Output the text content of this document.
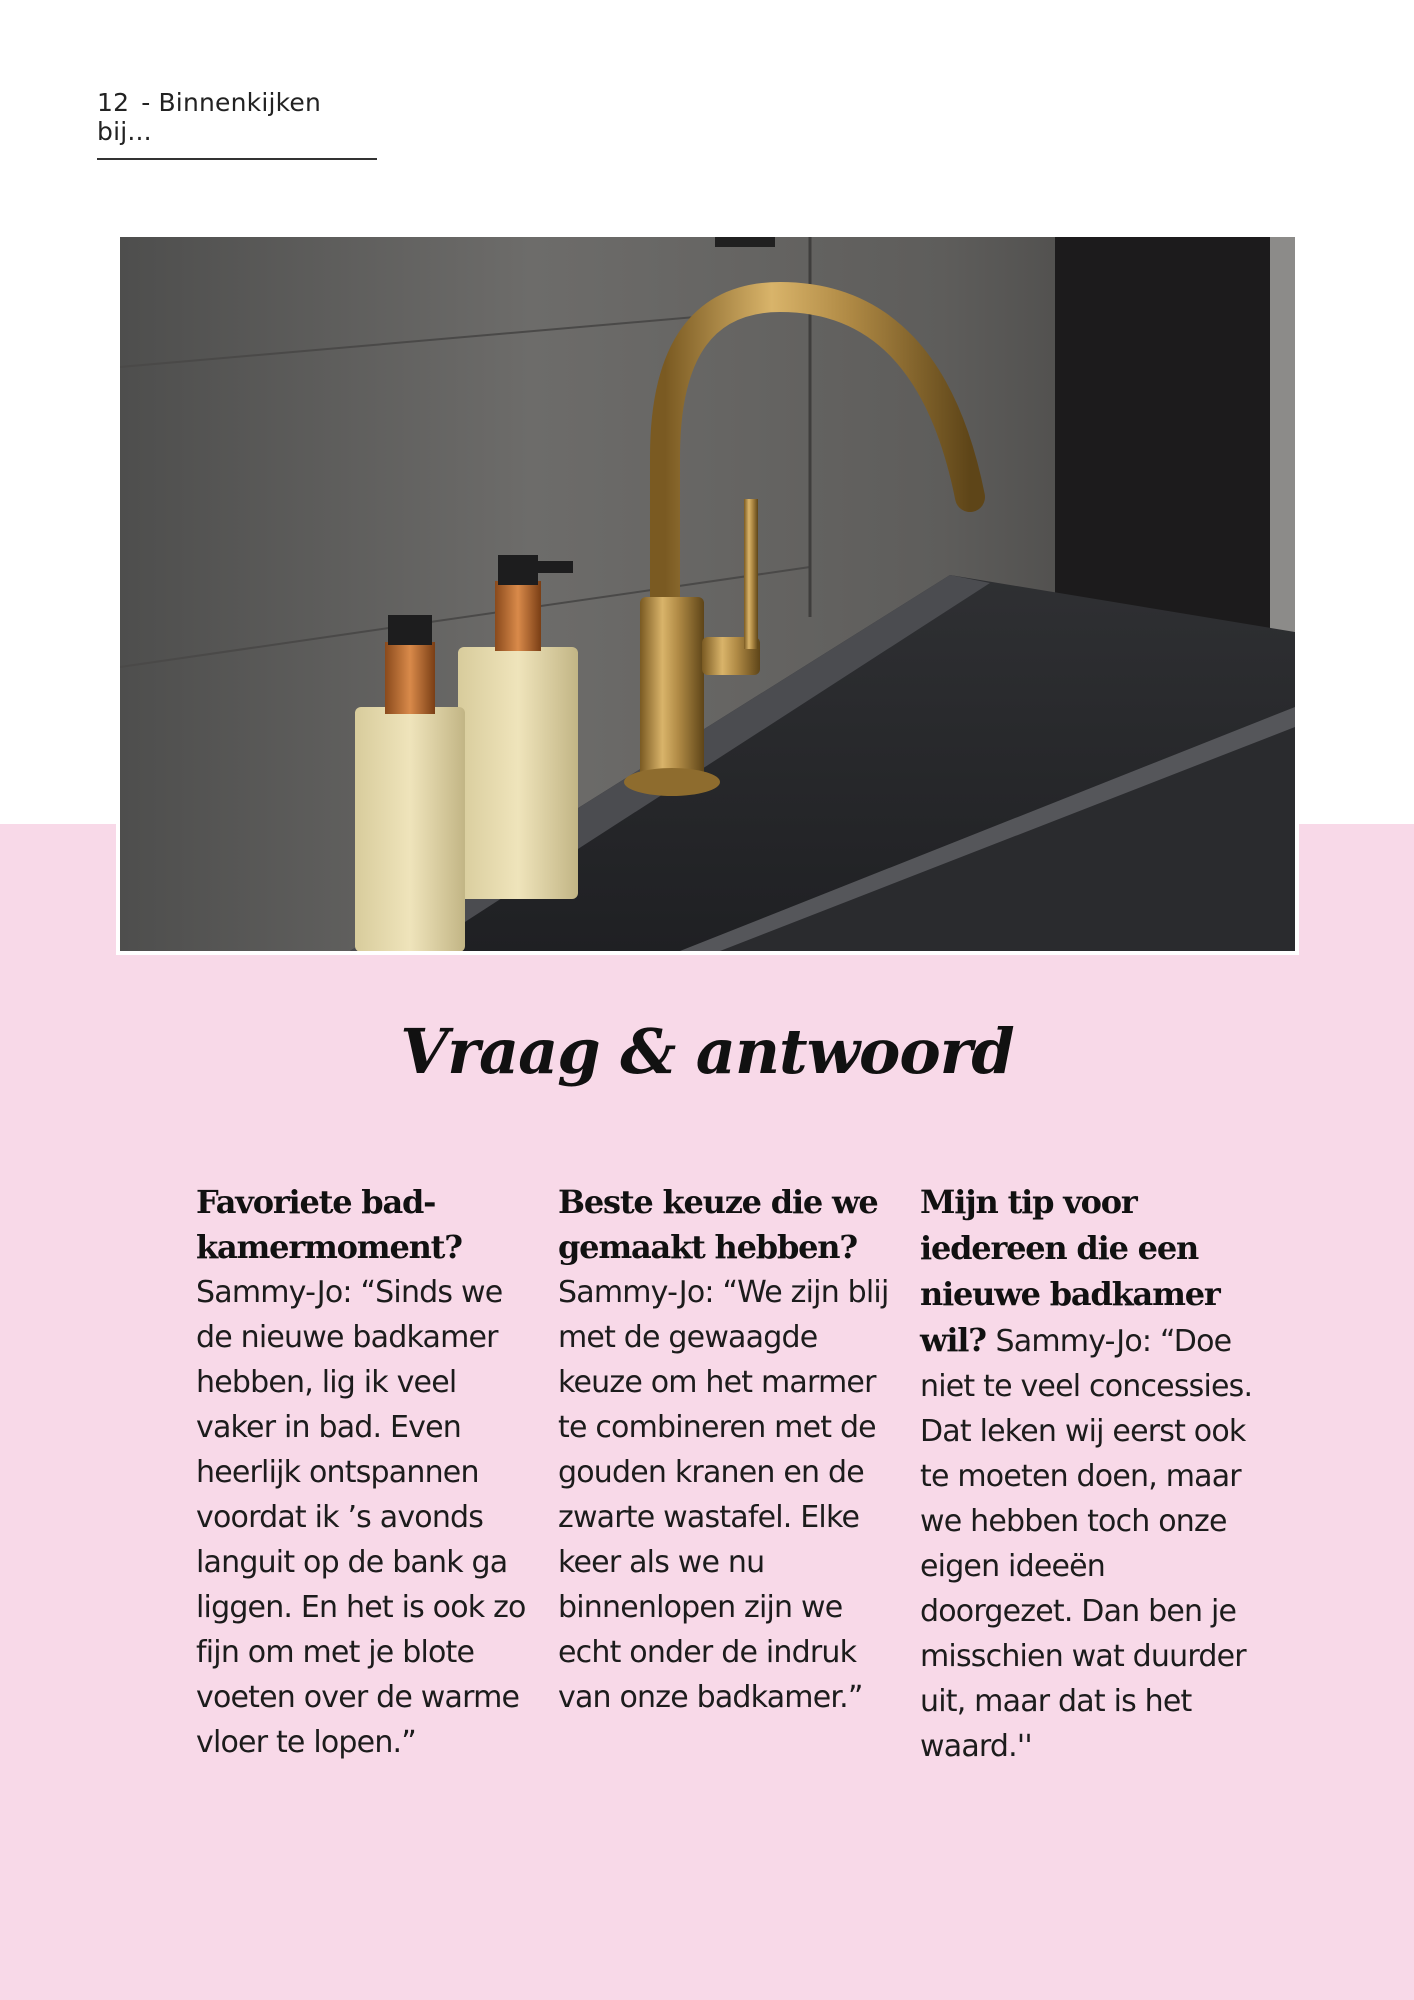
12 - Binnenkijken bij...
Vraag & antwoord
Favoriete bad-kamermoment?
Sammy-Jo: “Sinds we de nieuwe badkamer hebben, lig ik veel vaker in bad. Even heerlijk ontspannen voordat ik ’s avonds languit op de bank ga liggen. En het is ook zo fijn om met je blote voeten over de warme vloer te lopen.”
Beste keuze die we gemaakt hebben?
Sammy-Jo: “We zijn blij met de gewaagde keuze om het marmer te combineren met de gouden kranen en de zwarte wastafel. Elke keer als we nu binnenlopen zijn we echt onder de indruk van onze badkamer.”
Mijn tip voor iedereen die een nieuwe badkamer wil? Sammy-Jo: “Doe niet te veel concessies. Dat leken wij eerst ook te moeten doen, maar we hebben toch onze eigen ideeën doorgezet. Dan ben je misschien wat duurder uit, maar dat is het waard.''
